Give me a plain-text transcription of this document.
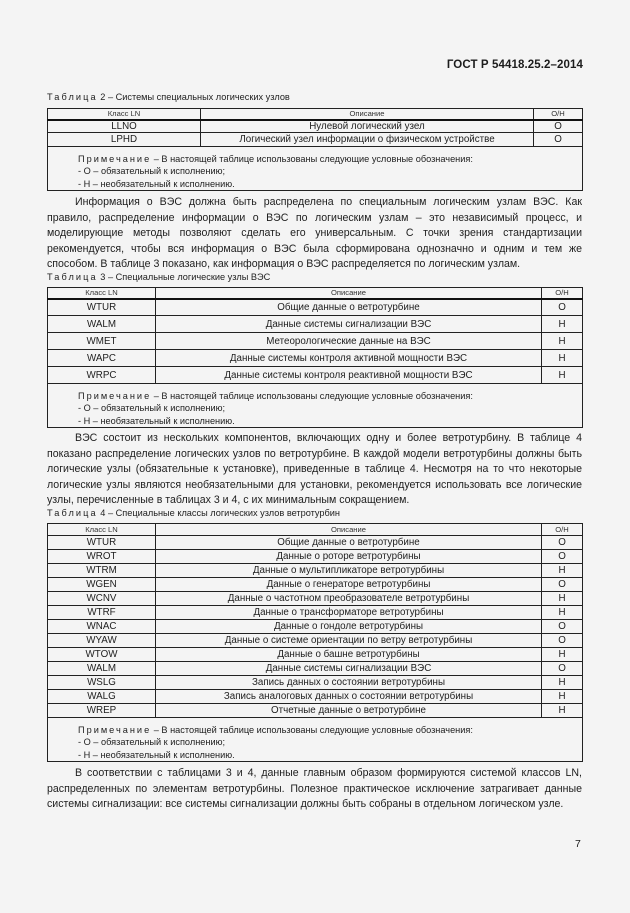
ГОСТ Р 54418.25.2–2014
Таблица 2 – Системы специальных логических узлов
Класс LN	Описание	О/Н
LLNO	Нулевой логический узел	О
LPHD	Логический узел информации о физическом устройстве	О

Примечание – В настоящей таблице использованы следующие условные обозначения:
- О – обязательный к исполнению;
- Н – необязательный к исполнению.		
Информация о ВЭС должна быть распределена по специальным логическим узлам ВЭС. Как правило, распределение информации о ВЭС по логическим узлам – это независимый процесс, и моделирующие методы позволяют сделать его универсальным. С точки зрения стандартизации рекомендуется, чтобы вся информация о ВЭС была сформирована однозначно и одним и тем же способом. В таблице 3 показано, как информация о ВЭС распределяется по логическим узлам.
Таблица 3 – Специальные логические узлы ВЭС
Класс LN	Описание	О/Н
WTUR	Общие данные о ветротурбине	О
WALM	Данные системы сигнализации ВЭС	Н
WMET	Метеорологические данные на ВЭС	Н
WAPC	Данные системы контроля активной мощности ВЭС	Н
WRPC	Данные системы контроля реактивной мощности ВЭС	Н

Примечание – В настоящей таблице использованы следующие условные обозначения:
- О – обязательный к исполнению;
- Н – необязательный к исполнению.		
ВЭС состоит из нескольких компонентов, включающих одну и более ветротурбину. В таблице 4 показано распределение логических узлов по ветротурбине. В каждой модели ветротурбины должны быть логические узлы (обязательные к установке), приведенные в таблице 4. Несмотря на то что некоторые логические узлы являются необязательными для установки, рекомендуется использовать все логические узлы, перечисленные в таблицах 3 и 4, с их минимальным сокращением.
Таблица 4 – Специальные классы логических узлов ветротурбин
Класс LN	Описание	О/Н
WTUR	Общие данные о ветротурбине	О
WROT	Данные о роторе ветротурбины	О
WTRM	Данные о мультипликаторе ветротурбины	Н
WGEN	Данные о генераторе ветротурбины	О
WCNV	Данные о частотном преобразователе ветротурбины	Н
WTRF	Данные о трансформаторе ветротурбины	Н
WNAC	Данные о гондоле ветротурбины	О
WYAW	Данные о системе ориентации по ветру ветротурбины	О
WTOW	Данные о башне ветротурбины	Н
WALM	Данные системы сигнализации ВЭС	О
WSLG	Запись данных о состоянии ветротурбины	Н
WALG	Запись аналоговых данных о состоянии ветротурбины	Н
WREP	Отчетные данные о ветротурбине	Н

Примечание – В настоящей таблице использованы следующие условные обозначения:
- О – обязательный к исполнению;
- Н – необязательный к исполнению.		
В соответствии с таблицами 3 и 4, данные главным образом формируются системой классов LN, распределенных по элементам ветротурбины. Полезное практическое исключение затрагивает данные системы сигнализации: все системы сигнализации должны быть собраны в отдельном логическом узле.
7
